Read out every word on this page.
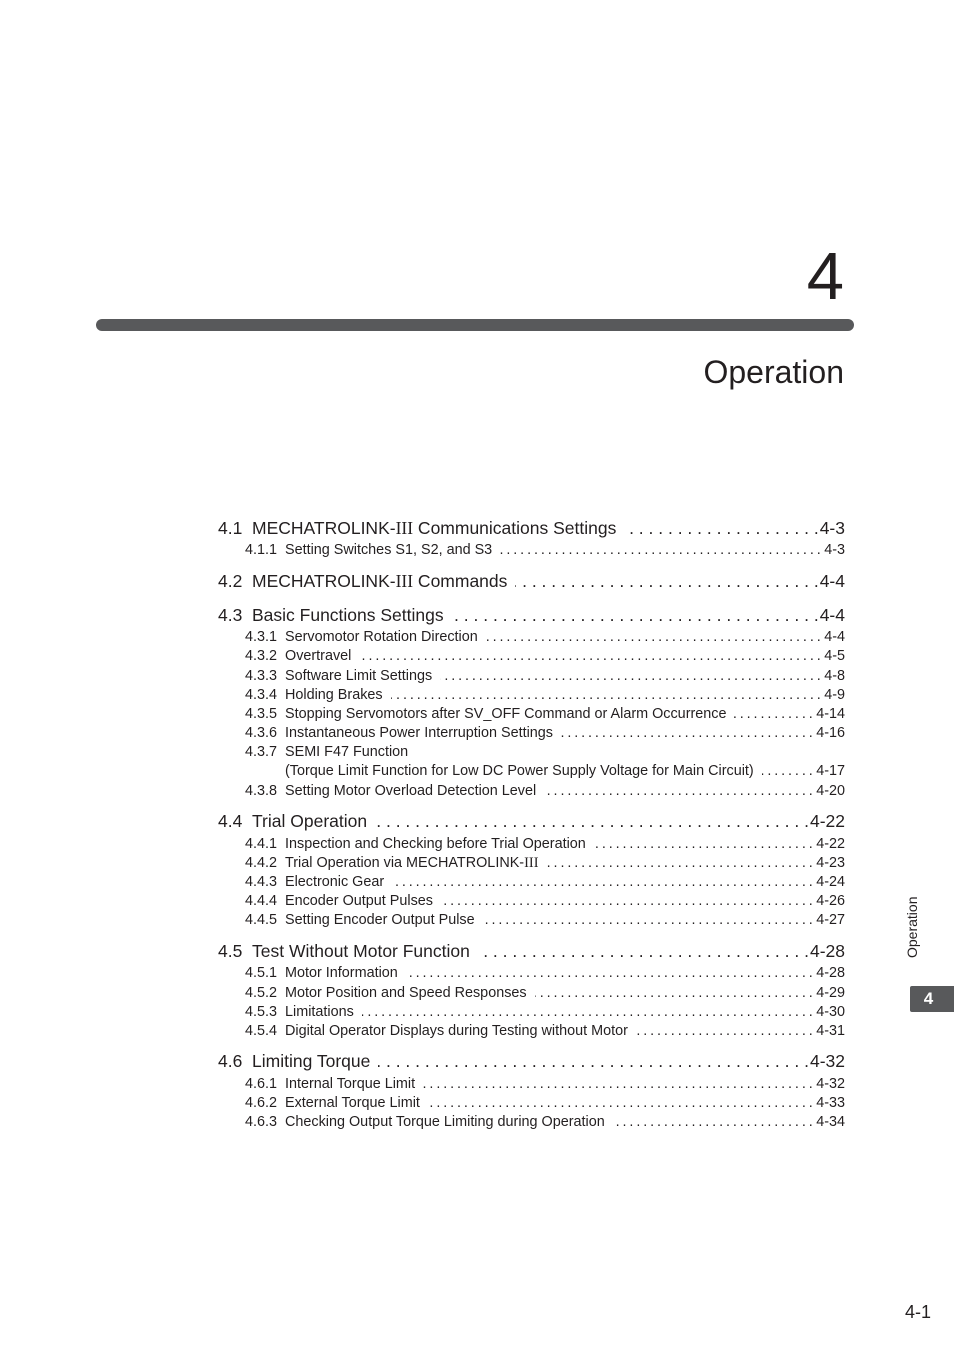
4
Operation
4.1 MECHATROLINK-III Communications Settings . . .	4-3
4.1.1 Setting Switches S1, S2, and S3 . . .	4-3
4.2 MECHATROLINK-III Commands . . .	4-4
4.3 Basic Functions Settings . . .	4-4
4.3.1 Servomotor Rotation Direction . . .	4-4
4.3.2 Overtravel . . .	4-5
4.3.3 Software Limit Settings . . .	4-8
4.3.4 Holding Brakes . . .	4-9
4.3.5 Stopping Servomotors after SV_OFF Command or Alarm Occurrence . . .	4-14
4.3.6 Instantaneous Power Interruption Settings . . .	4-16
4.3.7 SEMI F47 Function
(Torque Limit Function for Low DC Power Supply Voltage for Main Circuit) . . .	4-17
4.3.8 Setting Motor Overload Detection Level . . .	4-20
4.4 Trial Operation . . .	4-22
4.4.1 Inspection and Checking before Trial Operation . . .	4-22
4.4.2 Trial Operation via MECHATROLINK-III . . .	4-23
4.4.3 Electronic Gear . . .	4-24
4.4.4 Encoder Output Pulses . . .	4-26
4.4.5 Setting Encoder Output Pulse . . .	4-27
4.5 Test Without Motor Function . . .	4-28
4.5.1 Motor Information . . .	4-28
4.5.2 Motor Position and Speed Responses . . .	4-29
4.5.3 Limitations . . .	4-30
4.5.4 Digital Operator Displays during Testing without Motor . . .	4-31
4.6 Limiting Torque . . .	4-32
4.6.1 Internal Torque Limit . . .	4-32
4.6.2 External Torque Limit . . .	4-33
4.6.3 Checking Output Torque Limiting during Operation . . .	4-34
Operation
4
4-1
